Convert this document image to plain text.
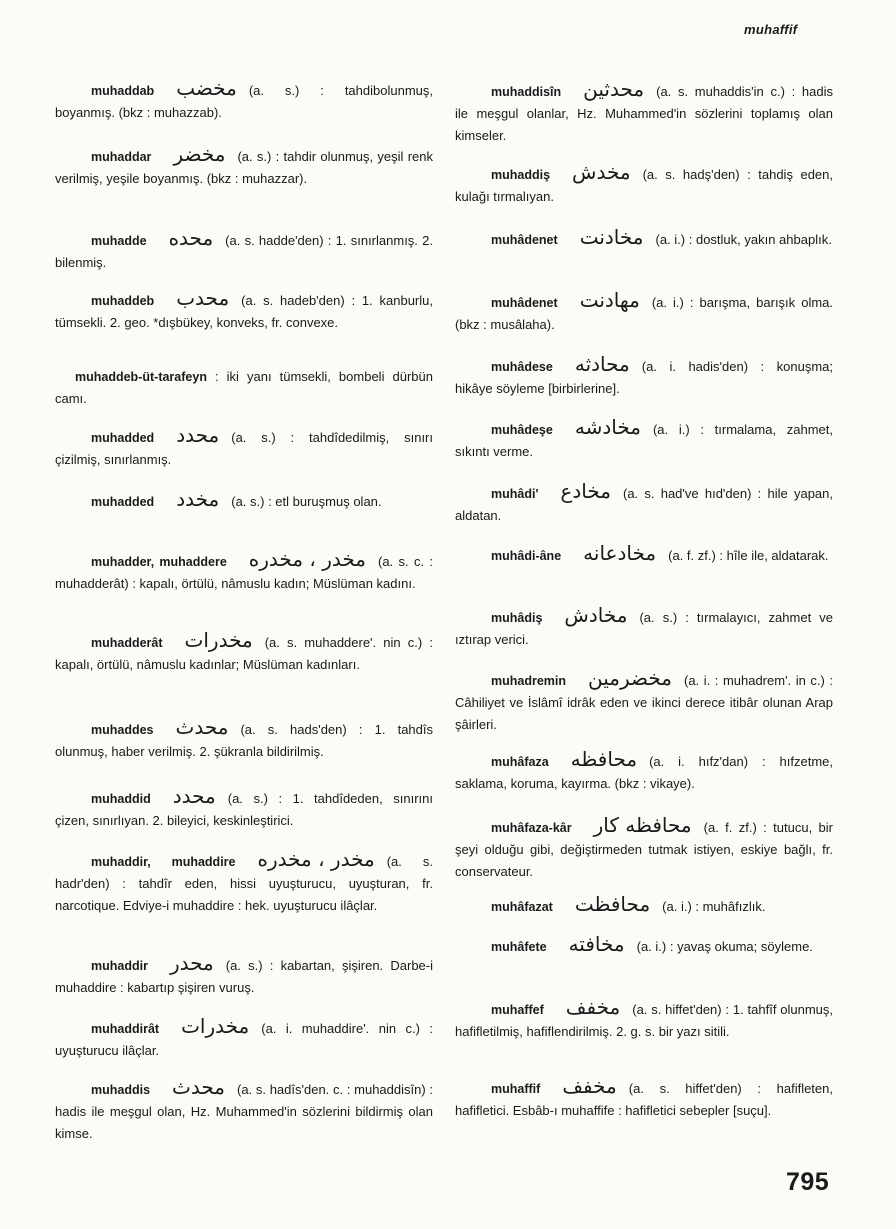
muhaffif
muhaddab مخضب (a. s.) : tahdibolunmuş, boyanmış. (bkz : muhazzab).
muhaddar مخضر (a. s.) : tahdir olunmuş, yeşil renk verilmiş, yeşile boyanmış. (bkz : muhazzar).
muhadde محده (a. s. hadde'den) : 1. sınırlanmış. 2. bilenmiş.
muhaddeb محدب (a. s. hadeb'den) : 1. kanburlu, tümsekli. 2. geo. *dışbükey, konveks, fr. convexe.
muhaddeb-üt-tarafeyn : iki yanı tümsekli, bombeli dürbün camı.
muhadded محدد (a. s.) : tahdîdedilmiş, sınırı çizilmiş, sınırlanmış.
muhadded مخدد (a. s.) : etl buruşmuş olan.
muhadder, muhaddere مخدر ، مخدره (a. s. c. : muhadderât) : kapalı, örtülü, nâmuslu kadın; Müslüman kadını.
muhadderât مخدرات (a. s. muhaddere'. nin c.) : kapalı, örtülü, nâmuslu kadınlar; Müslüman kadınları.
muhaddes محدث (a. s. hads'den) : 1. tahdîs olunmuş, haber verilmiş. 2. şükranla bildirilmiş.
muhaddid محدد (a. s.) : 1. tahdîdeden, sınırını çizen, sınırlıyan. 2. bileyici, keskinleştirici.
muhaddir, muhaddire مخدر ، مخدره (a. s. hadr'den) : tahdîr eden, hissi uyuşturucu, uyuşturan, fr. narcotique. Edviye-i muhaddire : hek. uyuşturucu ilâçlar.
muhaddir محدر (a. s.) : kabartan, şişiren. Darbe-i muhaddire : kabartıp şişiren vuruş.
muhaddirât مخدرات (a. i. muhaddire'. nin c.) : uyuşturucu ilâçlar.
muhaddis محدث (a. s. hadîs'den. c. : muhaddisîn) : hadis ile meşgul olan, Hz. Muhammed'in sözlerini bildirmiş olan kimse.
muhaddisîn محدثين (a. s. muhaddis'in c.) : hadis ile meşgul olanlar, Hz. Muhammed'in sözlerini toplamış olan kimseler.
muhaddiş مخدش (a. s. hadş'den) : tahdiş eden, kulağı tırmalıyan.
muhâdenet مخادنت (a. i.) : dostluk, yakın ahbaplık.
muhâdenet مهادنت (a. i.) : barışma, barışık olma. (bkz : musâlaha).
muhâdese محادثه (a. i. hadis'den) : konuşma; hikâye söyleme [birbirlerine].
muhâdeşe مخادشه (a. i.) : tırmalama, zahmet, sıkıntı verme.
muhâdi' مخادع (a. s. had've hıd'den) : hile yapan, aldatan.
muhâdi-âne مخادعانه (a. f. zf.) : hîle ile, aldatarak.
muhâdiş مخادش (a. s.) : tırmalayıcı, zahmet ve ıztırap verici.
muhadremin مخضرمين (a. i. : muhadrem'. in c.) : Câhiliyet ve İslâmî idrâk eden ve ikinci derece itibâr olunan Arap şâirleri.
muhâfaza محافظه (a. i. hıfz'dan) : hıfzetme, saklama, koruma, kayırma. (bkz : vikaye).
muhâfaza-kâr محافظه كار (a. f. zf.) : tutucu, bir şeyi olduğu gibi, değiştirmeden tutmak istiyen, eskiye bağlı, fr. conservateur.
muhâfazat محافظت (a. i.) : muhâfızlık.
muhâfete مخافته (a. i.) : yavaş okuma; söyleme.
muhaffef مخفف (a. s. hiffet'den) : 1. tahfîf olunmuş, hafifletilmiş, hafiflendirilmiş. 2. g. s. bir yazı sitili.
muhaffif مخفف (a. s. hiffet'den) : hafifleten, hafifletici. Esbâb-ı muhaffife : hafifletici sebepler [suçu].
795
